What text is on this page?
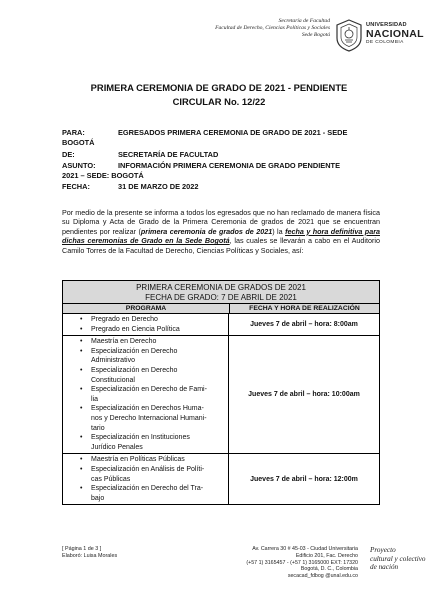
Secretaría de Facultad
Facultad de Derecho, Ciencias Políticas y Sociales
Sede Bogotá
UNIVERSIDAD
NACIONAL
DE COLOMBIA
PRIMERA CEREMONIA DE GRADO DE 2021 - PENDIENTE
CIRCULAR No. 12/22
PARA:	EGRESADOS PRIMERA CEREMONIA DE GRADO DE 2021 - SEDE
BOGOTÁ
DE:	SECRETARÍA DE FACULTAD
ASUNTO:	INFORMACIÓN PRIMERA CEREMONIA DE GRADO PENDIENTE
2021 – SEDE: BOGOTÁ
FECHA:	31 DE MARZO DE 2022
Por medio de la presente se informa a todos los egresados que no han reclamado de manera física su Diploma y Acta de Grado de la Primera Ceremonia de grados de 2021 que se encuentran pendientes por realizar (primera ceremonia de grados de 2021) la fecha y hora definitiva para dichas ceremonias de Grado en la Sede Bogotá, las cuales se llevarán a cabo en el Auditorio Camilo Torres de la Facultad de Derecho, Ciencias Políticas y Sociales, así:
PRIMERA CEREMONIA DE GRADOS DE 2021
FECHA DE GRADO: 7 DE ABRIL DE 2021
PROGRAMA	FECHA Y HORA DE REALIZACIÓN
• Pregrado en Derecho
• Pregrado en Ciencia Política
Jueves 7 de abril – hora: 8:00am
• Maestría en Derecho
• Especialización en Derecho
Administrativo
• Especialización en Derecho
Constitucional
• Especialización en Derecho de Fami-
lia
• Especialización en Derechos Huma-
nos y Derecho Internacional Humani-
tario
• Especialización en Instituciones
Jurídico Penales
Jueves 7 de abril – hora: 10:00am
• Maestría en Políticas Públicas
• Especialización en Análisis de Políti-
cas Públicas
• Especialización en Derecho del Tra-
bajo
Jueves 7 de abril – hora: 12:00m
[ Página 1 de 3 ]
Elaboró: Luisa Morales
Av. Carrera 30 # 45-03 - Ciudad Universitaria
Edificio 201, Fac. Derecho
(+57 1) 3165457 - (+57 1) 3165000 EXT: 17320
Bogotá, D. C., Colombia
secacad_fdbog @unal.edu.co
Proyecto
cultural y colectivo
de nación
